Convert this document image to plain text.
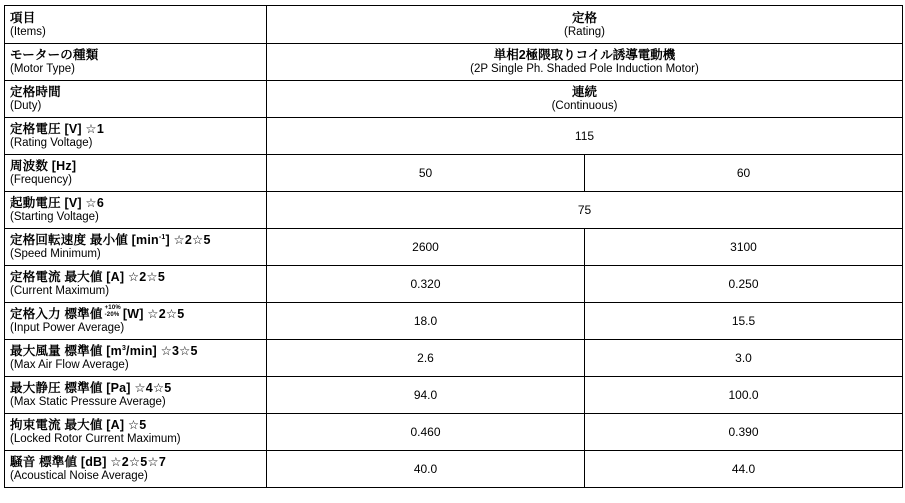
項目
(Items)	定格
(Rating)	

モーターの種類
(Motor Type)	単相2極隈取りコイル誘導電動機
(2P Single Ph. Shaded Pole Induction Motor)	

定格時間
(Duty)	連続
(Continuous)	

定格電圧 [V] ☆1
(Rating Voltage)	115	

周波数 [Hz]
(Frequency)	50	60

起動電圧 [V] ☆6
(Starting Voltage)	75	

定格回転速度 最小値 $[\min^{-1}]$ ☆2☆5
(Speed Minimum)	2600	3100

定格電流 最大値 [A] ☆2☆5
(Current Maximum)	0.320	0.250

定格入力 標準値 +10%
-20% [W] ☆2☆5
(Input Power Average)	18.0	15.5

最大風量 標準値 $[m^3/\min]$ ☆3☆5
(Max Air Flow Average)	2.6	3.0

最大静圧 標準値 [Pa] ☆4☆5
(Max Static Pressure Average)	94.0	100.0

拘束電流 最大値 [A] ☆5
(Locked Rotor Current Maximum)	0.460	0.390

騒音 標準値 [dB] ☆2☆5☆7
(Acoustical Noise Average)	40.0	44.0
